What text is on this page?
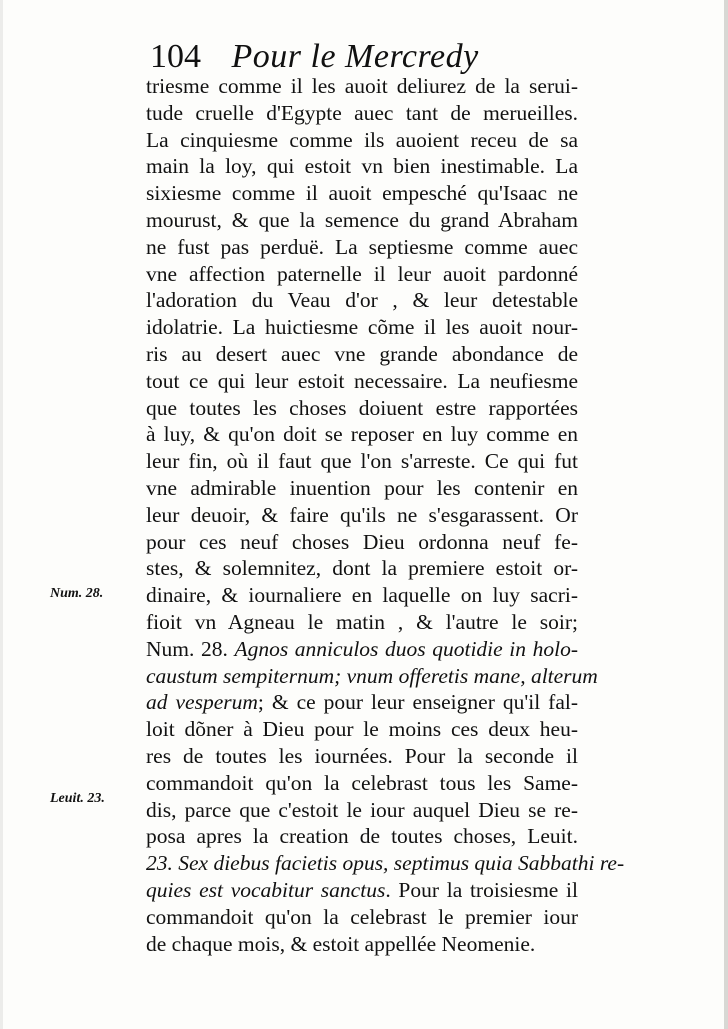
104 Pour le Mercredy
Num. 28.
Leuit. 23.
triesme comme il les auoit deliurez de la serui-
tude cruelle d'Egypte auec tant de merueilles.
La cinquiesme comme ils auoient receu de sa
main la loy, qui estoit vn bien inestimable. La
sixiesme comme il auoit empesché qu'Isaac ne
mourust, & que la semence du grand Abraham
ne fust pas perduë. La septiesme comme auec
vne affection paternelle il leur auoit pardonné
l'adoration du Veau d'or , & leur detestable
idolatrie. La huictiesme cõme il les auoit nour-
ris au desert auec vne grande abondance de
tout ce qui leur estoit necessaire. La neufiesme
que toutes les choses doiuent estre rapportées
à luy, & qu'on doit se reposer en luy comme en
leur fin, où il faut que l'on s'arreste. Ce qui fut
vne admirable inuention pour les contenir en
leur deuoir, & faire qu'ils ne s'esgarassent. Or
pour ces neuf choses Dieu ordonna neuf fe-
stes, & solemnitez, dont la premiere estoit or-
dinaire, & iournaliere en laquelle on luy sacri-
fioit vn Agneau le matin , & l'autre le soir;
Num. 28. Agnos anniculos duos quotidie in holo-
caustum sempiternum; vnum offeretis mane, alterum
ad vesperum; & ce pour leur enseigner qu'il fal-
loit dõner à Dieu pour le moins ces deux heu-
res de toutes les iournées. Pour la seconde il
commandoit qu'on la celebrast tous les Same-
dis, parce que c'estoit le iour auquel Dieu se re-
posa apres la creation de toutes choses, Leuit.
23. Sex diebus facietis opus, septimus quia Sabbathi re-
quies est vocabitur sanctus. Pour la troisiesme il
commandoit qu'on la celebrast le premier iour
de chaque mois, & estoit appellée Neomenie.
